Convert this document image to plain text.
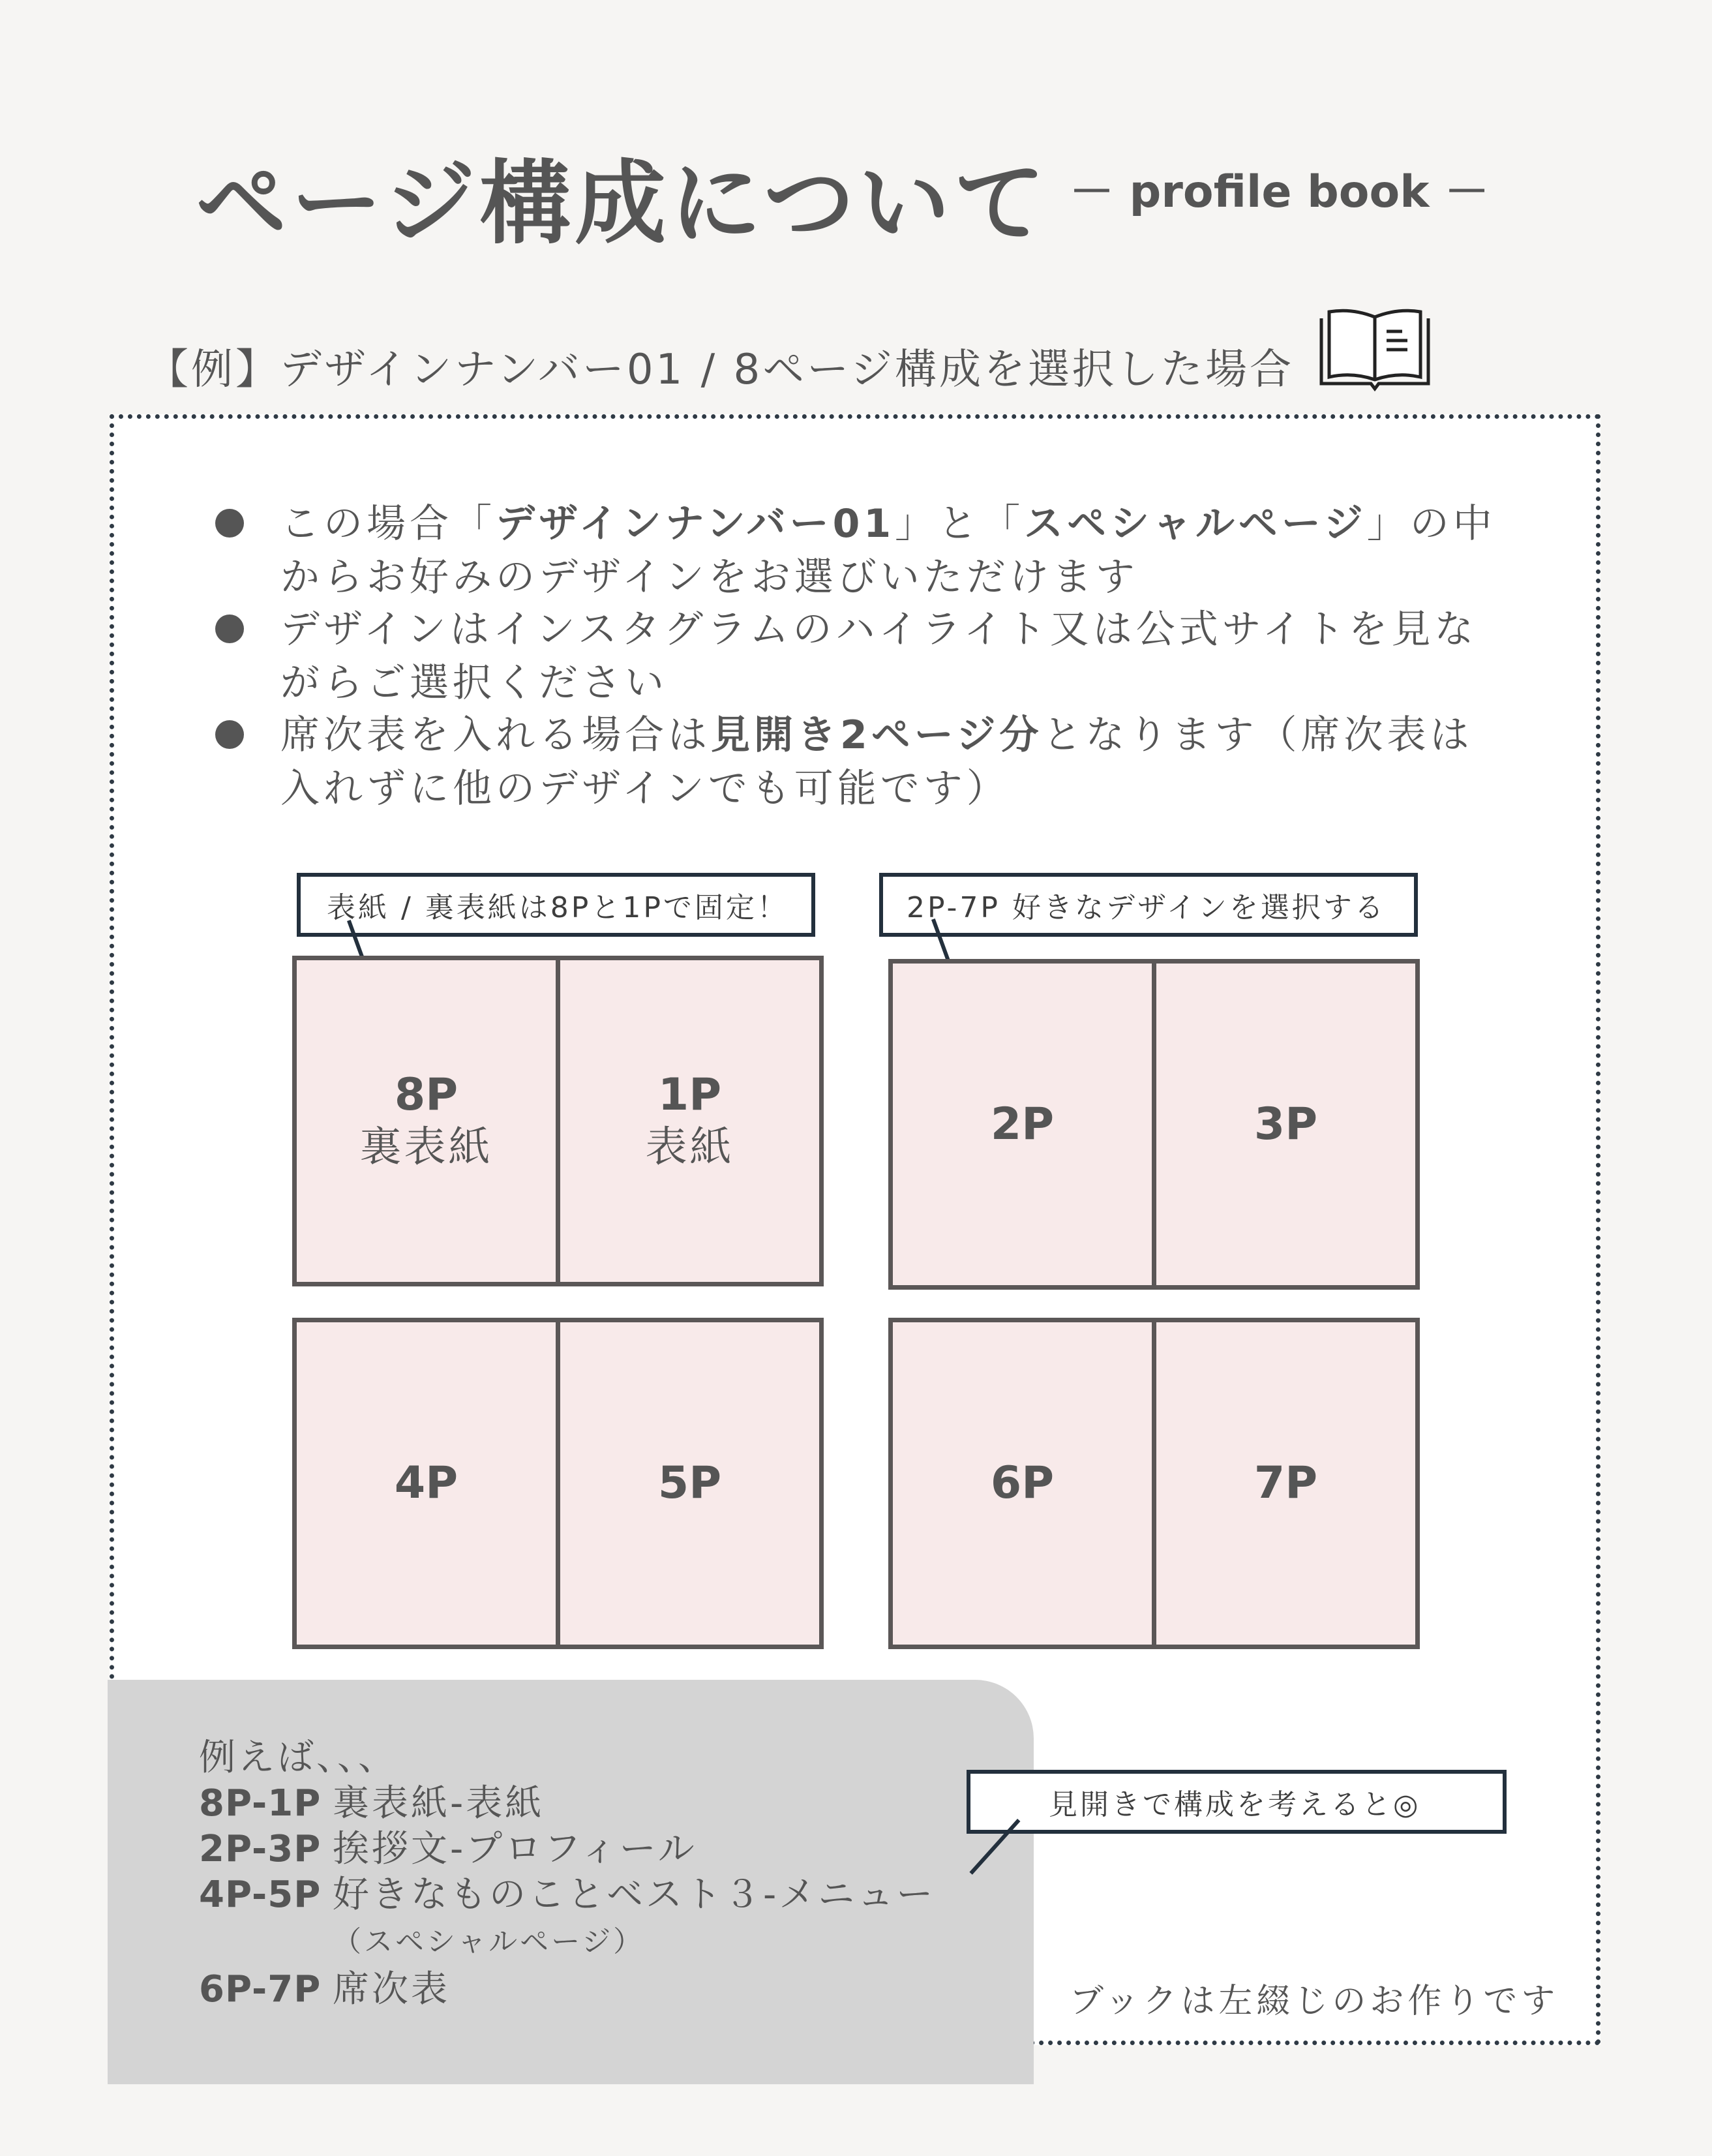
ページ構成について － profile book －
【例】デザインナンバー01 / 8ページ構成を選択した場合
この場合「デザインナンバー01」と「スペシャルページ」の中からお好みのデザインをお選びいただけます
デザインはインスタグラムのハイライト又は公式サイトを見ながらご選択ください
席次表を入れる場合は見開き2ページ分となります（席次表は入れずに他のデザインでも可能です）
表紙 / 裏表紙は8Pと1Pで固定！	2P-7P 好きなデザインを選択する
8P
裏表紙
1P
表紙	2P	3P
4P	5P	6P	7P
例えば、、、
8P-1P 裏表紙-表紙
2P-3P 挨拶文-プロフィール
4P-5P 好きなものことベスト３-メニュー
（スペシャルページ）
6P-7P 席次表
見開きで構成を考えると◎
ブックは左綴じのお作りです
